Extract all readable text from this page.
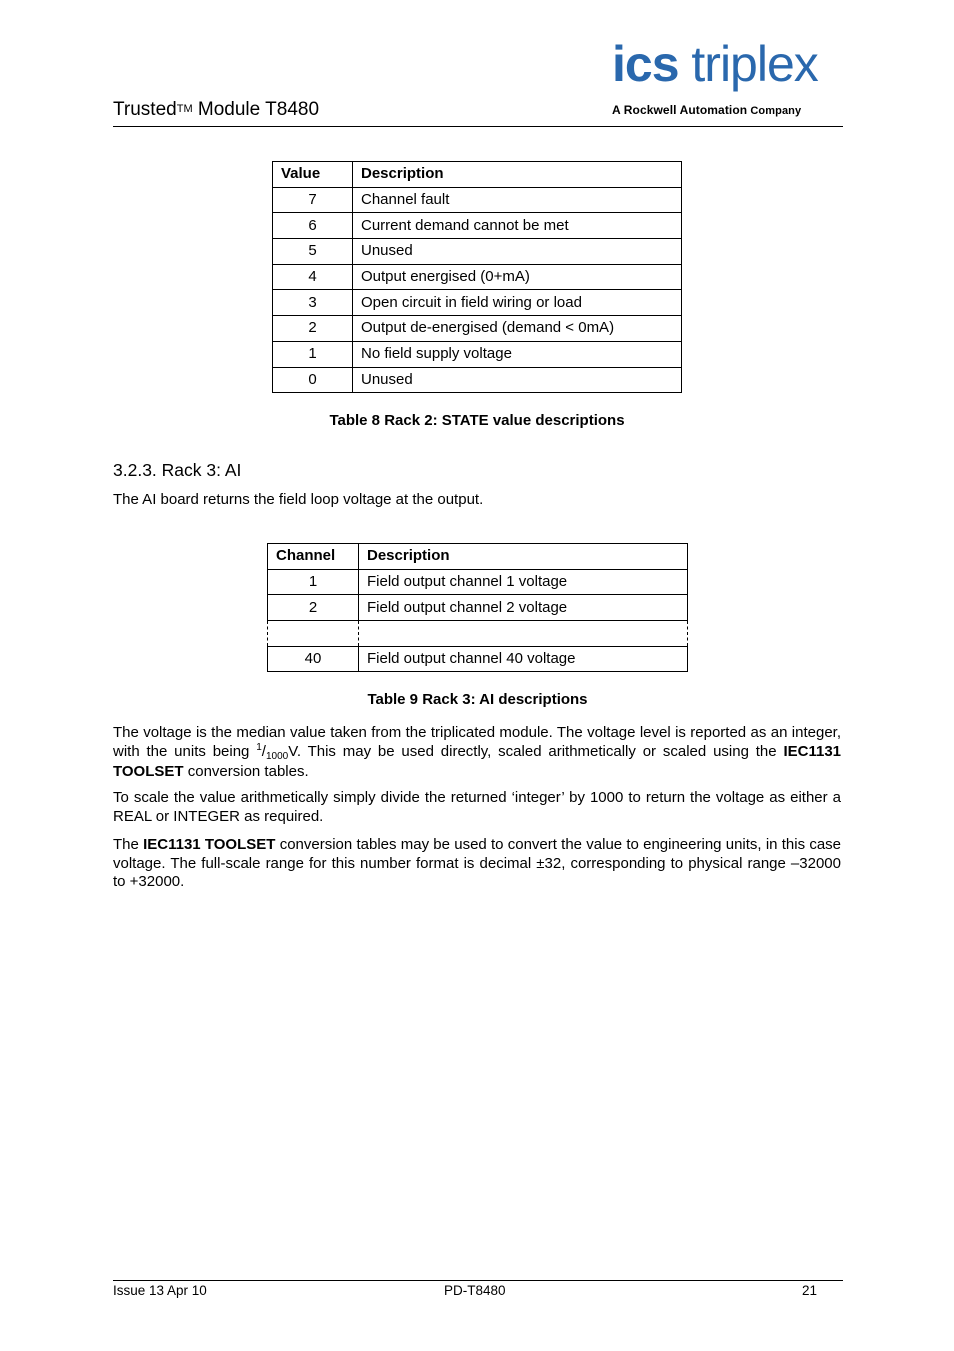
Trusted™ Module T8480
ics triplex
A Rockwell Automation Company
Value	Description
7	Channel fault
6	Current demand cannot be met
5	Unused
4	Output energised (0+mA)
3	Open circuit in field wiring or load
2	Output de-energised (demand < 0mA)
1	No field supply voltage
0	Unused
Table 8 Rack 2: STATE value descriptions
3.2.3. Rack 3: AI
The AI board returns the field loop voltage at the output.
Channel	Description
1	Field output channel 1 voltage
2	Field output channel 2 voltage

40	Field output channel 40 voltage
Table 9 Rack 3: AI descriptions
The voltage is the median value taken from the triplicated module. The voltage level is reported as an integer, with the units being $^1/_{1000}V$. This may be used directly, scaled arithmetically or scaled using the IEC1131 TOOLSET conversion tables.
To scale the value arithmetically simply divide the returned ‘integer’ by 1000 to return the voltage as either a REAL or INTEGER as required.
The IEC1131 TOOLSET conversion tables may be used to convert the value to engineering units, in this case voltage. The full-scale range for this number format is decimal ±32, corresponding to physical range –32000 to +32000.
Issue 13 Apr 10	PD-T8480	21
